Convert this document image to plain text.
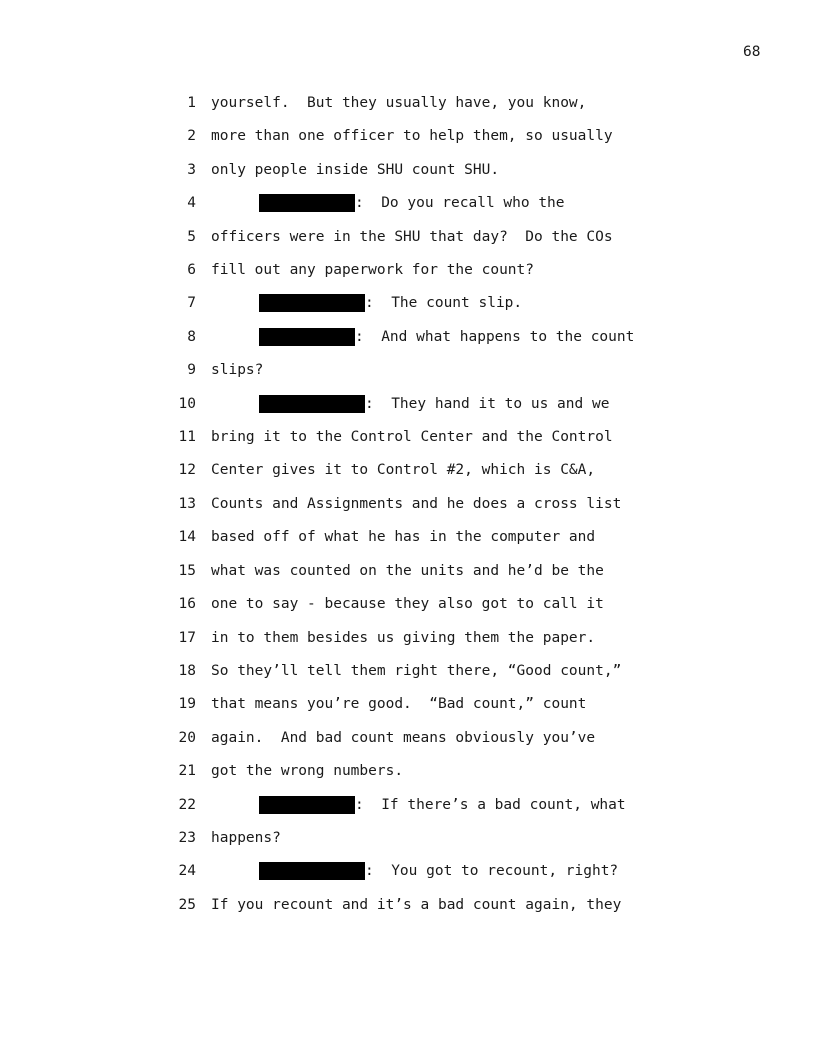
68
1 yourself.  But they usually have, you know,
2 more than one officer to help them, so usually
3 only people inside SHU count SHU.
4	:  Do you recall who the
5 officers were in the SHU that day?  Do the COs
6 fill out any paperwork for the count?
7	:  The count slip.
8	:  And what happens to the count
9 slips?
10	:  They hand it to us and we
11 bring it to the Control Center and the Control
12 Center gives it to Control #2, which is C&A,
13 Counts and Assignments and he does a cross list
14 based off of what he has in the computer and
15 what was counted on the units and he’d be the
16 one to say - because they also got to call it
17 in to them besides us giving them the paper.
18 So they’ll tell them right there, “Good count,”
19 that means you’re good.  “Bad count,” count
20 again.  And bad count means obviously you’ve
21 got the wrong numbers.
22	:  If there’s a bad count, what
23 happens?
24	:  You got to recount, right?
25 If you recount and it’s a bad count again, they
